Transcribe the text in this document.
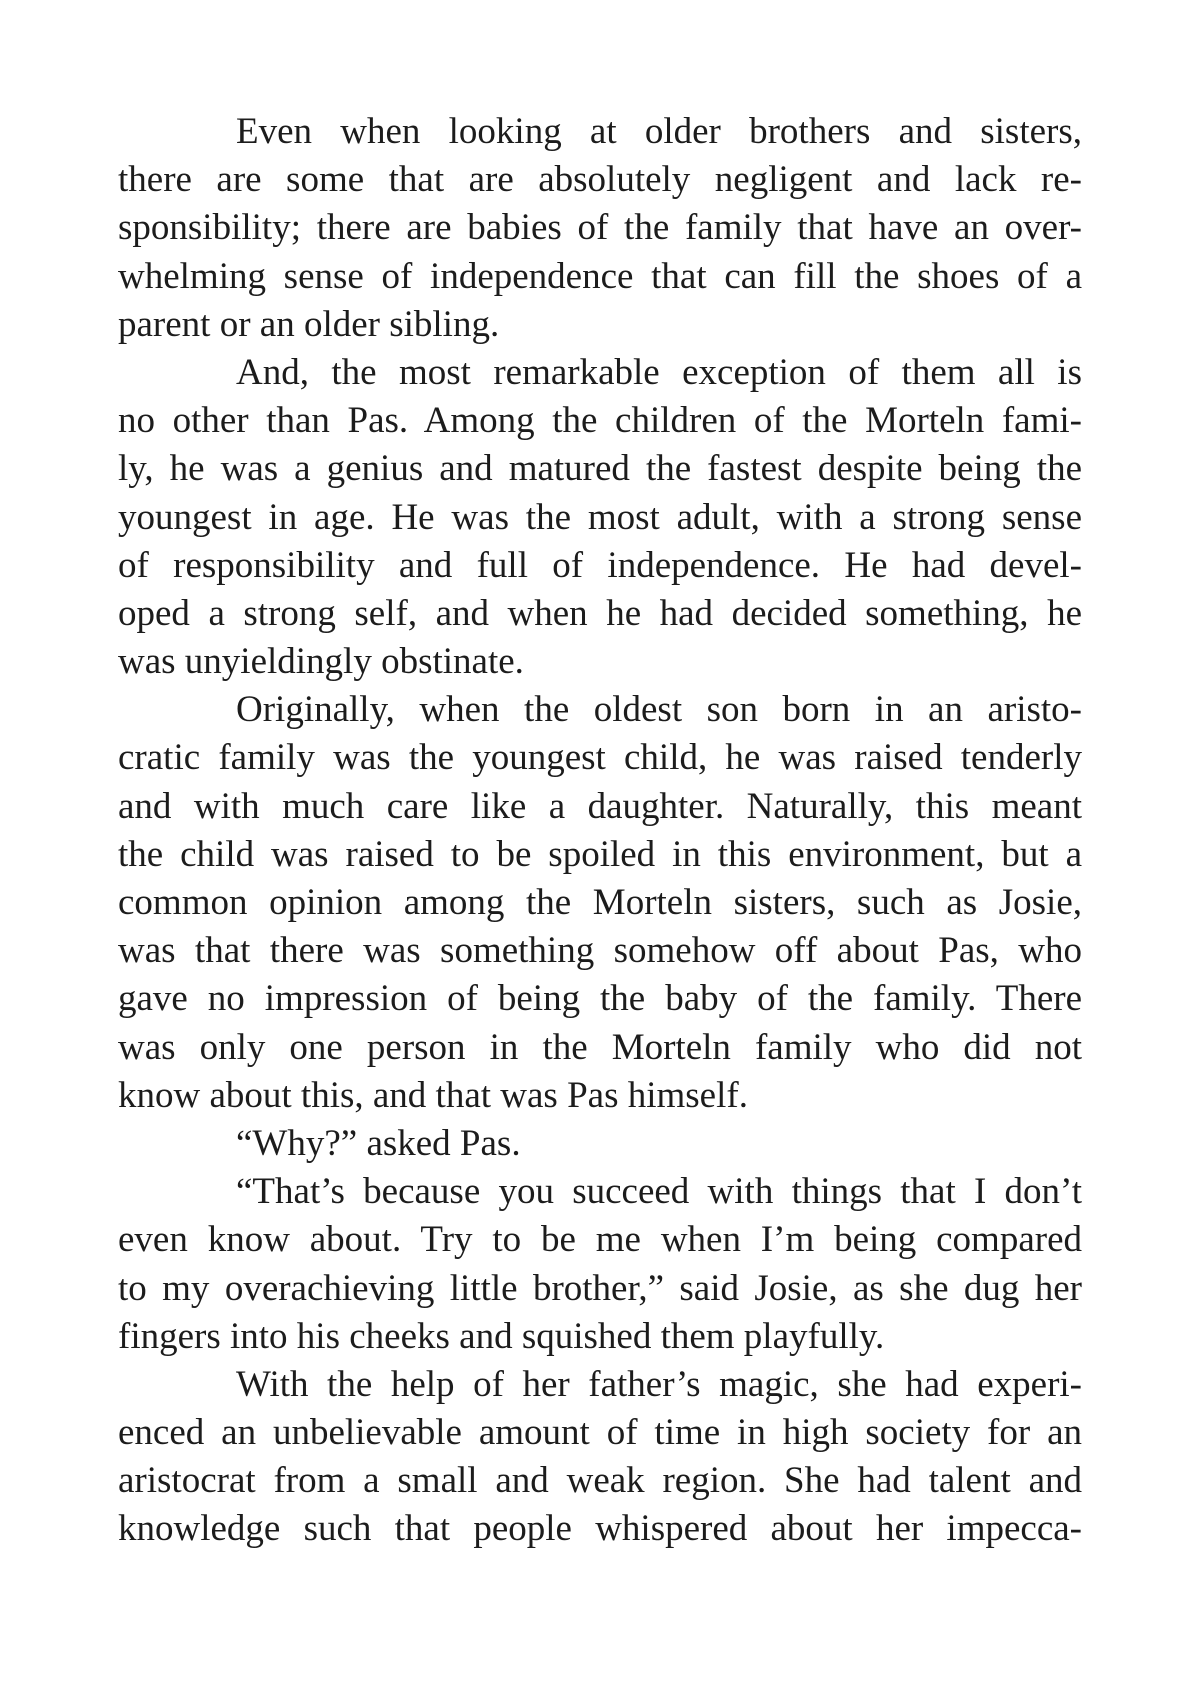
Even when looking at older brothers and sisters,
there are some that are absolutely negligent and lack re-
sponsibility; there are babies of the family that have an over-
whelming sense of independence that can fill the shoes of a
parent or an older sibling.
And, the most remarkable exception of them all is
no other than Pas. Among the children of the Morteln fami-
ly, he was a genius and matured the fastest despite being the
youngest in age. He was the most adult, with a strong sense
of responsibility and full of independence. He had devel-
oped a strong self, and when he had decided something, he
was unyieldingly obstinate.
Originally, when the oldest son born in an aristo-
cratic family was the youngest child, he was raised tenderly
and with much care like a daughter. Naturally, this meant
the child was raised to be spoiled in this environment, but a
common opinion among the Morteln sisters, such as Josie,
was that there was something somehow off about Pas, who
gave no impression of being the baby of the family. There
was only one person in the Morteln family who did not
know about this, and that was Pas himself.
“Why?” asked Pas.
“That’s because you succeed with things that I don’t
even know about. Try to be me when I’m being compared
to my overachieving little brother,” said Josie, as she dug her
fingers into his cheeks and squished them playfully.
With the help of her father’s magic, she had experi-
enced an unbelievable amount of time in high society for an
aristocrat from a small and weak region. She had talent and
knowledge such that people whispered about her impecca-
